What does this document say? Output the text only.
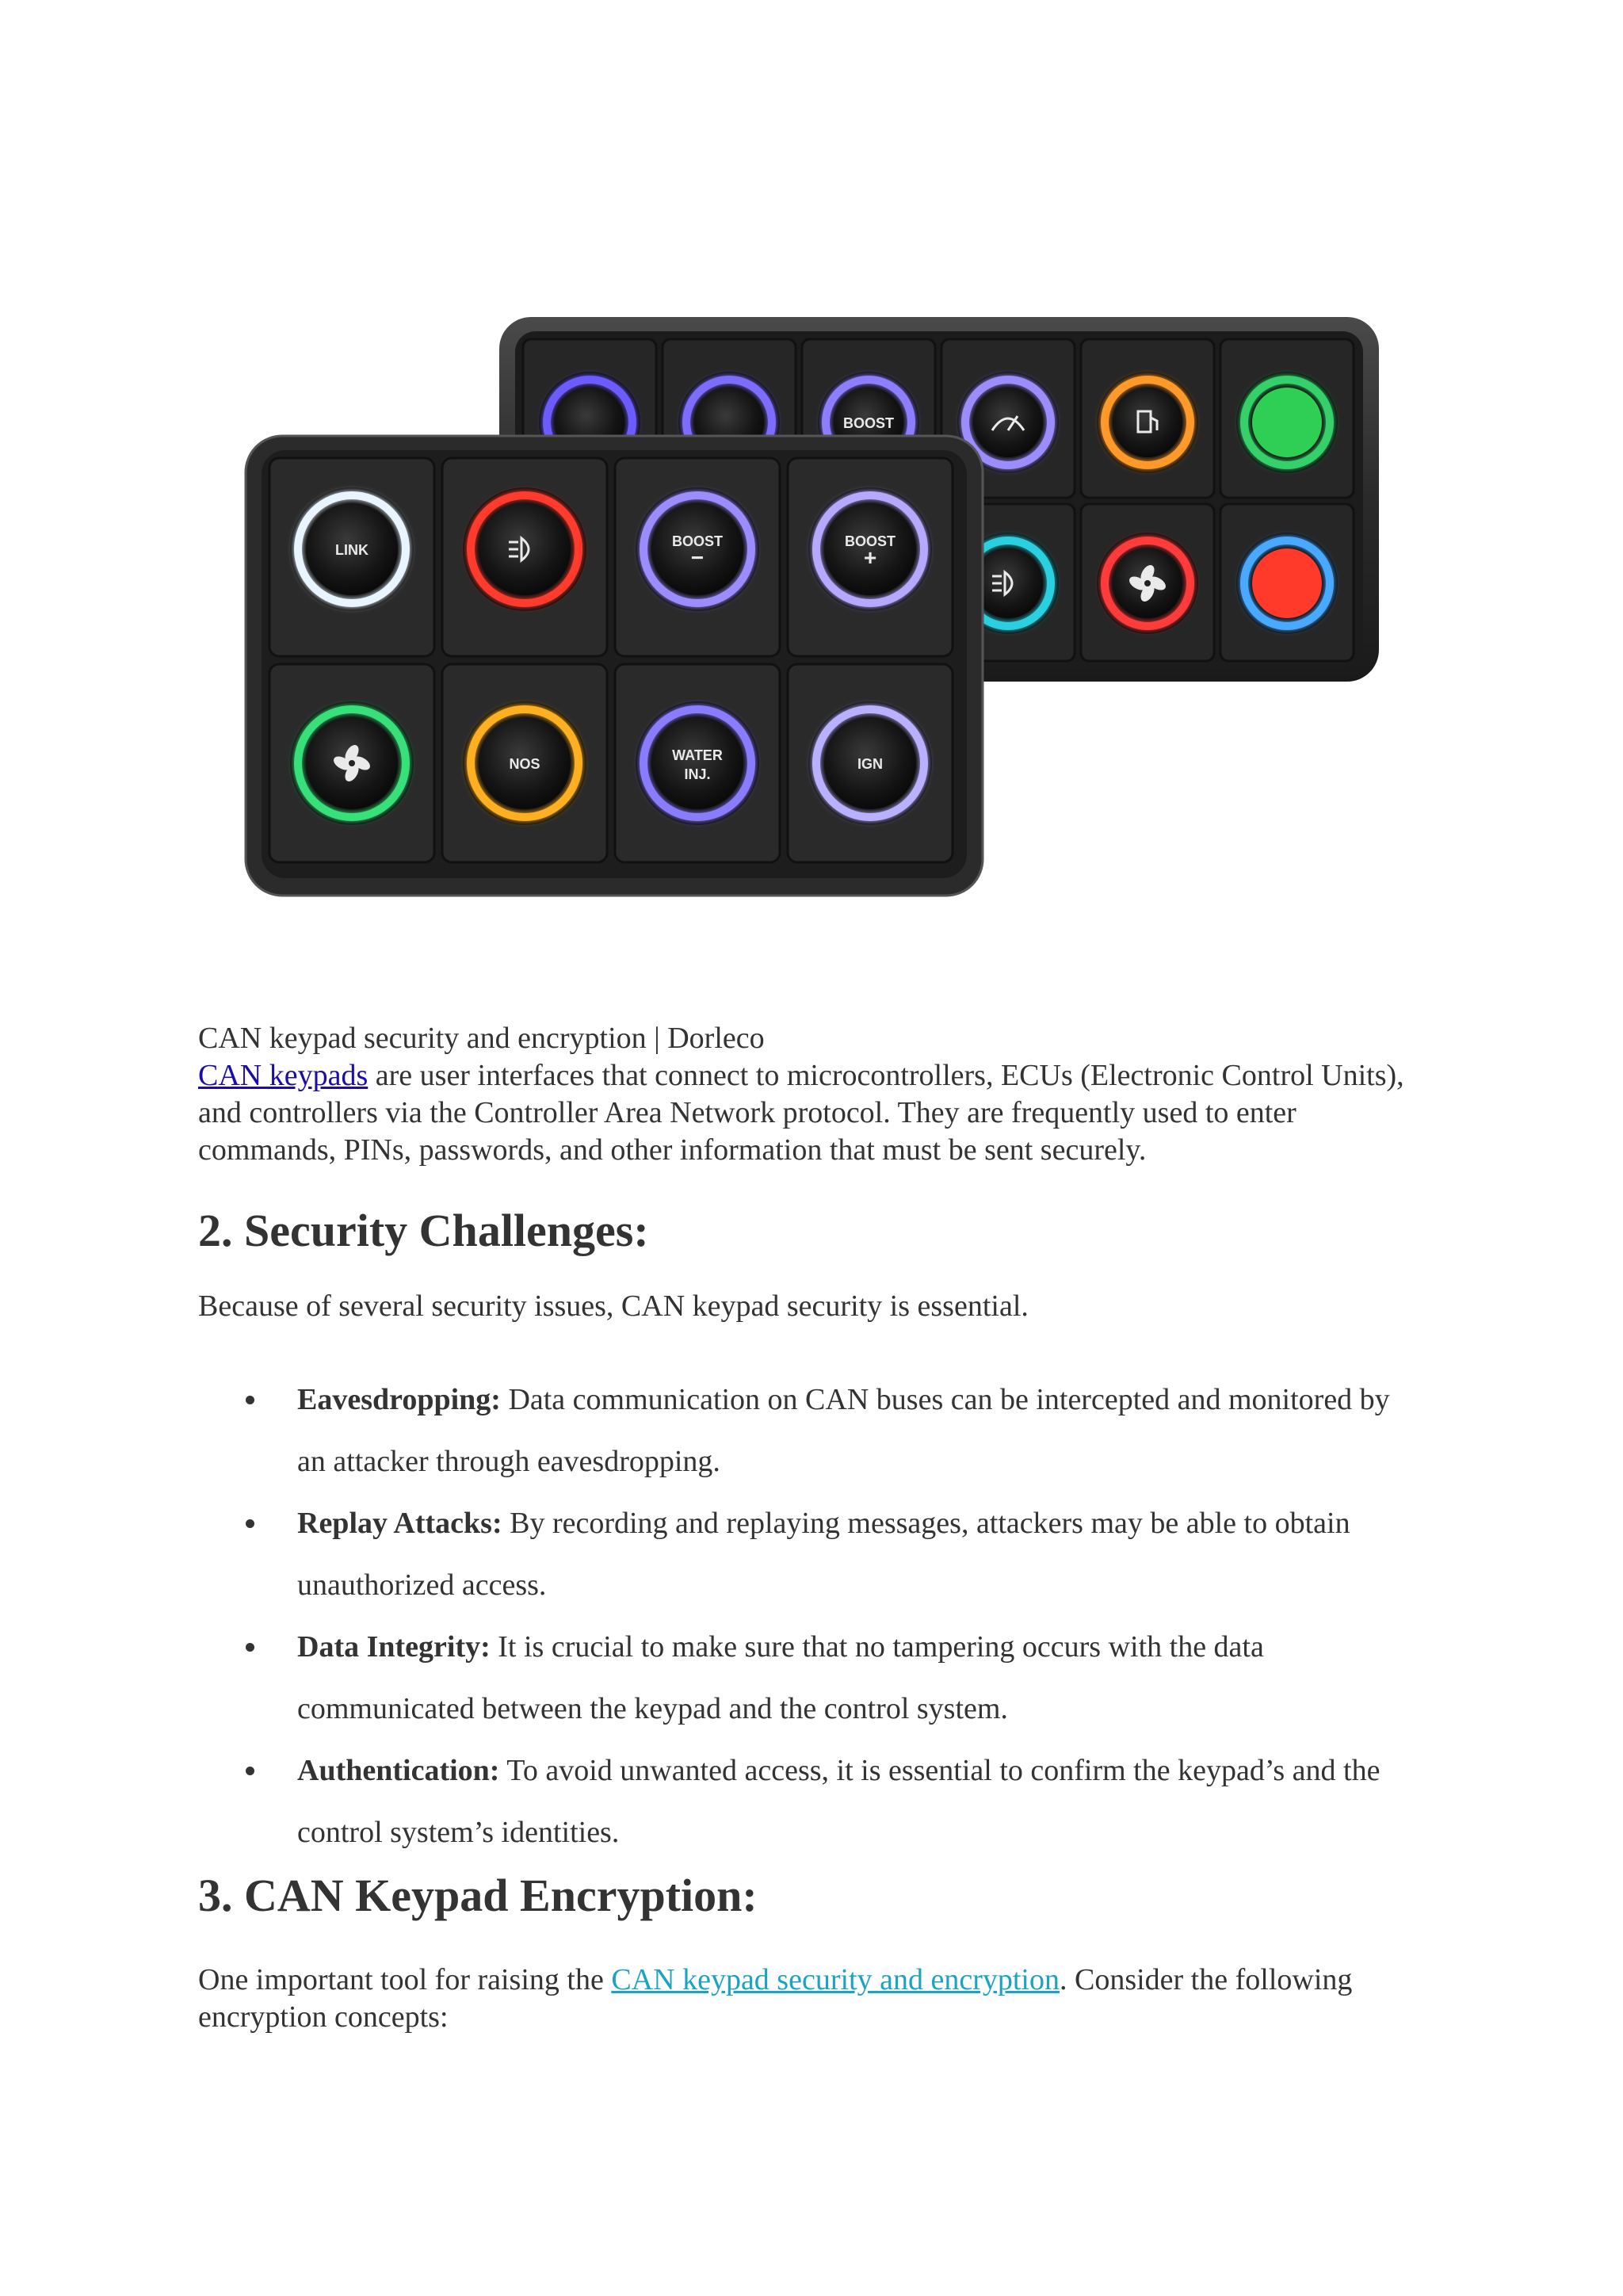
BOOST
LINK
BOOST
−
BOOST
+
NOS
WATER
INJ.
IGN
CAN keypad security and encryption | Dorleco
CAN keypads are user interfaces that connect to microcontrollers, ECUs (Electronic Control Units), and controllers via the Controller Area Network protocol. They are frequently used to enter commands, PINs, passwords, and other information that must be sent securely.
2. Security Challenges:
Because of several security issues, CAN keypad security is essential.
Eavesdropping: Data communication on CAN buses can be intercepted and monitored by an attacker through eavesdropping.
Replay Attacks: By recording and replaying messages, attackers may be able to obtain unauthorized access.
Data Integrity: It is crucial to make sure that no tampering occurs with the data communicated between the keypad and the control system.
Authentication: To avoid unwanted access, it is essential to confirm the keypad’s and the control system’s identities.
3. CAN Keypad Encryption:
One important tool for raising the CAN keypad security and encryption. Consider the following encryption concepts:
